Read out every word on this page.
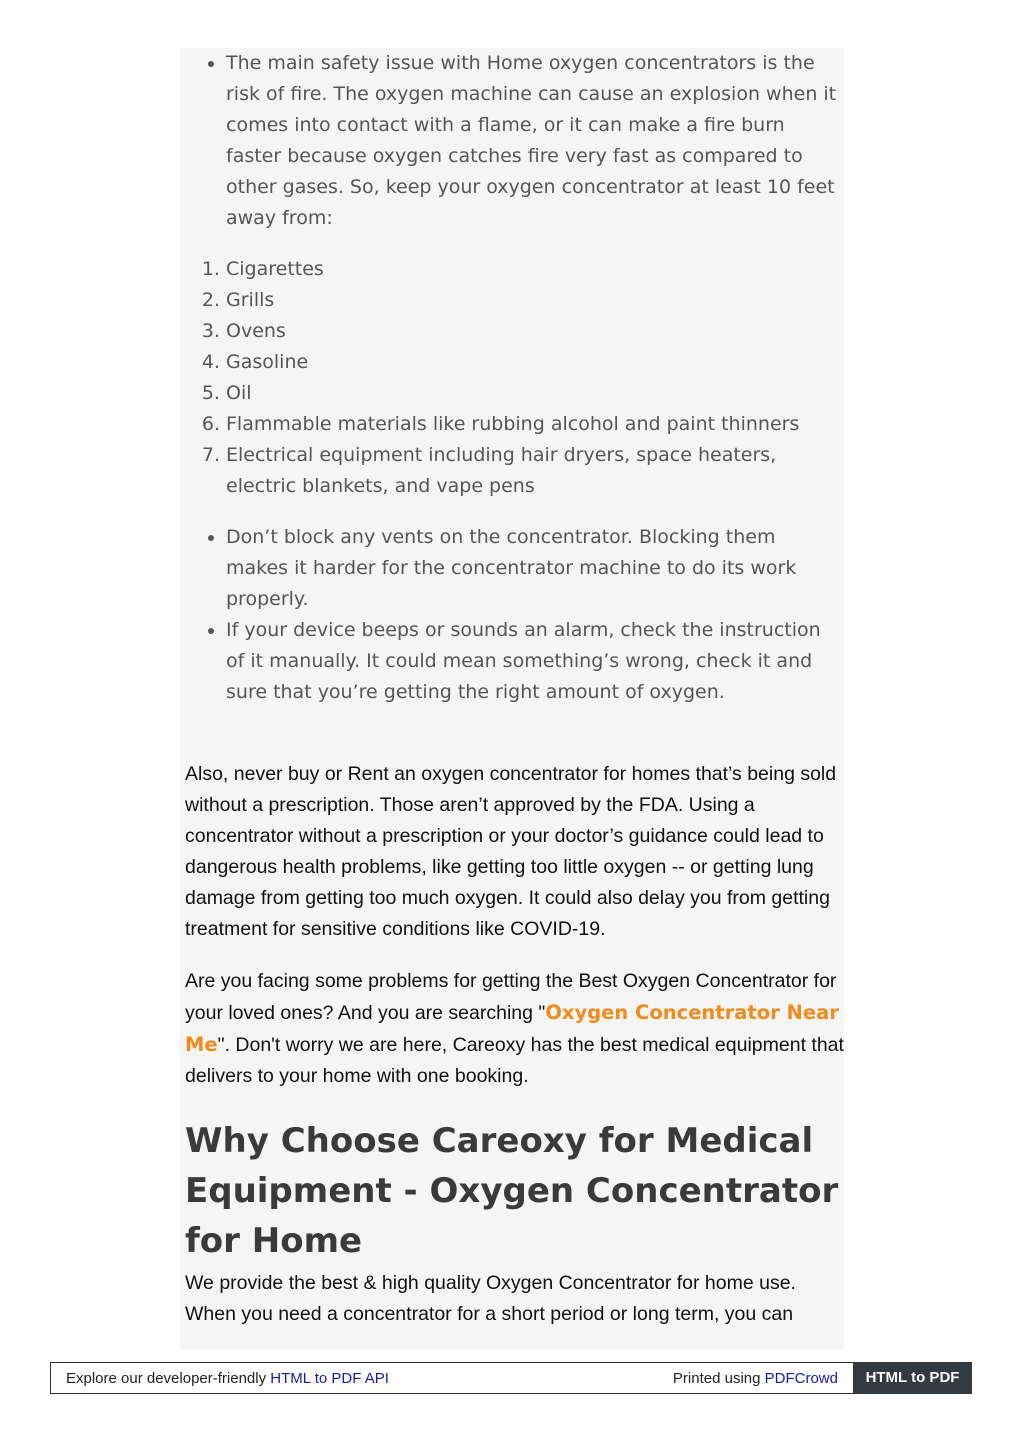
• The main safety issue with Home oxygen concentrators is the risk of fire. The oxygen machine can cause an explosion when it comes into contact with a flame, or it can make a fire burn faster because oxygen catches fire very fast as compared to other gases. So, keep your oxygen concentrator at least 10 feet away from:
1. Cigarettes
2. Grills
3. Ovens
4. Gasoline
5. Oil
6. Flammable materials like rubbing alcohol and paint thinners
7. Electrical equipment including hair dryers, space heaters, electric blankets, and vape pens
• Don’t block any vents on the concentrator. Blocking them makes it harder for the concentrator machine to do its work properly.
• If your device beeps or sounds an alarm, check the instruction of it manually. It could mean something’s wrong, check it and sure that you’re getting the right amount of oxygen.

Also, never buy or Rent an oxygen concentrator for homes that’s being sold without a prescription. Those aren’t approved by the FDA. Using a concentrator without a prescription or your doctor’s guidance could lead to dangerous health problems, like getting too little oxygen -- or getting lung damage from getting too much oxygen. It could also delay you from getting treatment for sensitive conditions like COVID-19.

Are you facing some problems for getting the Best Oxygen Concentrator for your loved ones? And you are searching "Oxygen Concentrator Near Me". Don't worry we are here, Careoxy has the best medical equipment that delivers to your home with one booking.

Why Choose Careoxy for Medical Equipment - Oxygen Concentrator for Home

We provide the best & high quality Oxygen Concentrator for home use. When you need a concentrator for a short period or long term, you can

Explore our developer-friendly HTML to PDF API	Printed using PDFCrowd	HTML to PDF
